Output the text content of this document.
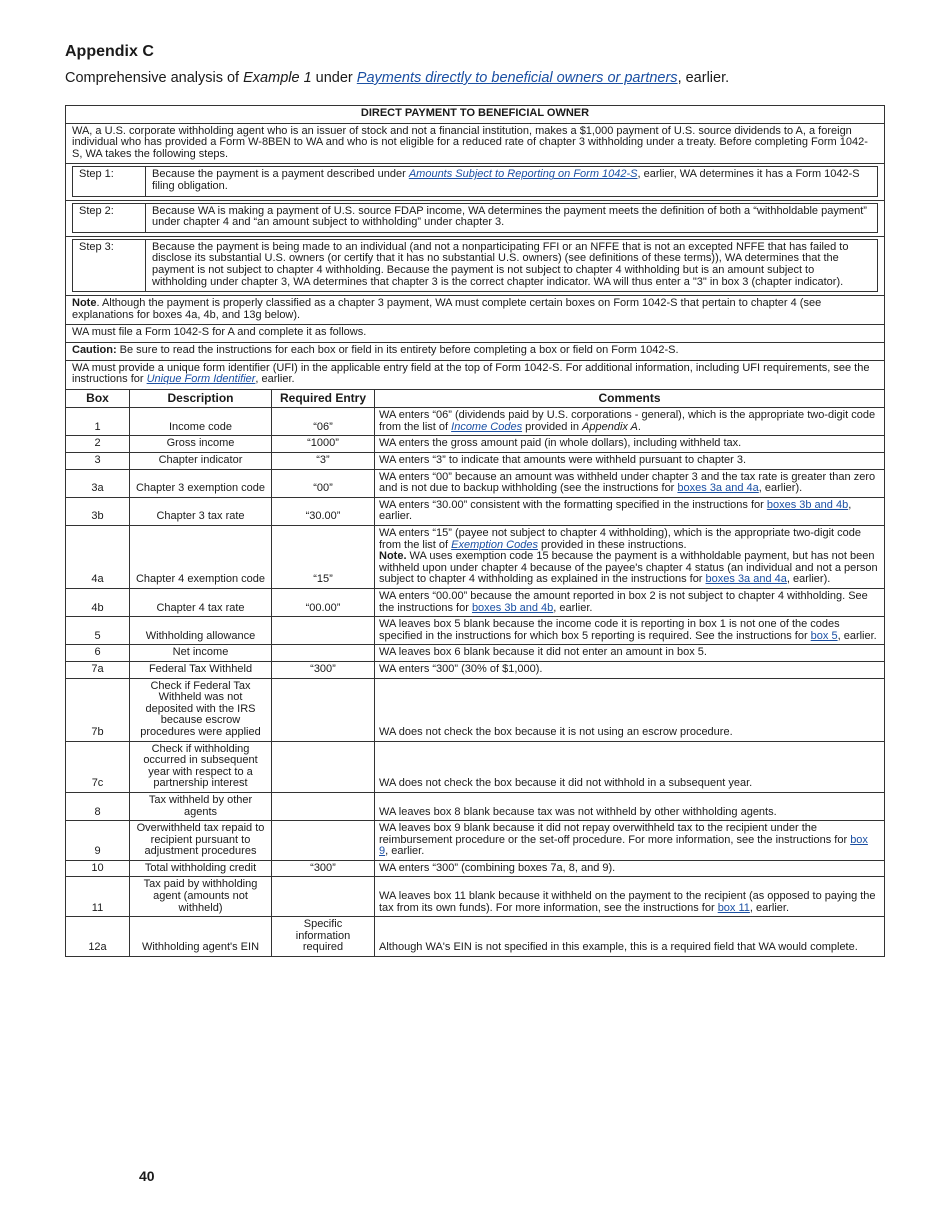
Appendix C
Comprehensive analysis of Example 1 under Payments directly to beneficial owners or partners, earlier.
DIRECT PAYMENT TO BENEFICIAL OWNER
WA, a U.S. corporate withholding agent who is an issuer of stock and not a financial institution, makes a $1,000 payment of U.S. source dividends to A, a foreign individual who has provided a Form W-8BEN to WA and who is not eligible for a reduced rate of chapter 3 withholding under a treaty. Before completing Form 1042-S, WA takes the following steps.

Step 1:	Because the payment is a payment described under Amounts Subject to Reporting on Form 1042-S, earlier, WA determines it has a Form 1042-S filing obligation.

Step 2:	Because WA is making a payment of U.S. source FDAP income, WA determines the payment meets the definition of both a “withholdable payment” under chapter 4 and “an amount subject to withholding” under chapter 3.

Step 3:	Because the payment is being made to an individual (and not a nonparticipating FFI or an NFFE that is not an excepted NFFE that has failed to disclose its substantial U.S. owners (or certify that it has no substantial U.S. owners) (see definitions of these terms)), WA determines that the payment is not subject to chapter 4 withholding. Because the payment is not subject to chapter 4 withholding but is an amount subject to withholding under chapter 3, WA determines that chapter 3 is the correct chapter indicator. WA will thus enter a "3" in box 3 (chapter indicator).

Note. Although the payment is properly classified as a chapter 3 payment, WA must complete certain boxes on Form 1042-S that pertain to chapter 4 (see explanations for boxes 4a, 4b, and 13g below).
WA must file a Form 1042-S for A and complete it as follows.
Caution: Be sure to read the instructions for each box or field in its entirety before completing a box or field on Form 1042-S.
WA must provide a unique form identifier (UFI) in the applicable entry field at the top of Form 1042-S. For additional information, including UFI requirements, see the instructions for Unique Form Identifier, earlier.
Box	Description	Required Entry	Comments
1	Income code	“06”	WA enters “06” (dividends paid by U.S. corporations - general), which is the appropriate two-digit code from the list of Income Codes provided in Appendix A.
2	Gross income	“1000”	WA enters the gross amount paid (in whole dollars), including withheld tax.
3	Chapter indicator	“3”	WA enters “3” to indicate that amounts were withheld pursuant to chapter 3.
3a	Chapter 3 exemption code	“00”	WA enters “00” because an amount was withheld under chapter 3 and the tax rate is greater than zero and is not due to backup withholding (see the instructions for boxes 3a and 4a, earlier).
3b	Chapter 3 tax rate	“30.00”	WA enters “30.00” consistent with the formatting specified in the instructions for boxes 3b and 4b, earlier.
4a	Chapter 4 exemption code	“15”	WA enters “15” (payee not subject to chapter 4 withholding), which is the appropriate two-digit code from the list of Exemption Codes provided in these instructions.
Note. WA uses exemption code 15 because the payment is a withholdable payment, but has not been withheld upon under chapter 4 because of the payee's chapter 4 status (an individual and not a person subject to chapter 4 withholding as explained in the instructions for boxes 3a and 4a, earlier).
4b	Chapter 4 tax rate	“00.00”	WA enters “00.00” because the amount reported in box 2 is not subject to chapter 4 withholding. See the instructions for boxes 3b and 4b, earlier.
5	Withholding allowance		WA leaves box 5 blank because the income code it is reporting in box 1 is not one of the codes specified in the instructions for which box 5 reporting is required. See the instructions for box 5, earlier.
6	Net income		WA leaves box 6 blank because it did not enter an amount in box 5.
7a	Federal Tax Withheld	“300”	WA enters “300” (30% of $1,000).
7b	Check if Federal Tax Withheld was not deposited with the IRS because escrow procedures were applied		WA does not check the box because it is not using an escrow procedure.
7c	Check if withholding occurred in subsequent year with respect to a partnership interest		WA does not check the box because it did not withhold in a subsequent year.
8	Tax withheld by other agents		WA leaves box 8 blank because tax was not withheld by other withholding agents.
9	Overwithheld tax repaid to recipient pursuant to adjustment procedures		WA leaves box 9 blank because it did not repay overwithheld tax to the recipient under the reimbursement procedure or the set-off procedure. For more information, see the instructions for box 9, earlier.
10	Total withholding credit	“300”	WA enters “300” (combining boxes 7a, 8, and 9).
11	Tax paid by withholding agent (amounts not withheld)		WA leaves box 11 blank because it withheld on the payment to the recipient (as opposed to paying the tax from its own funds). For more information, see the instructions for box 11, earlier.
12a	Withholding agent's EIN	Specific information required	Although WA's EIN is not specified in this example, this is a required field that WA would complete.
40
